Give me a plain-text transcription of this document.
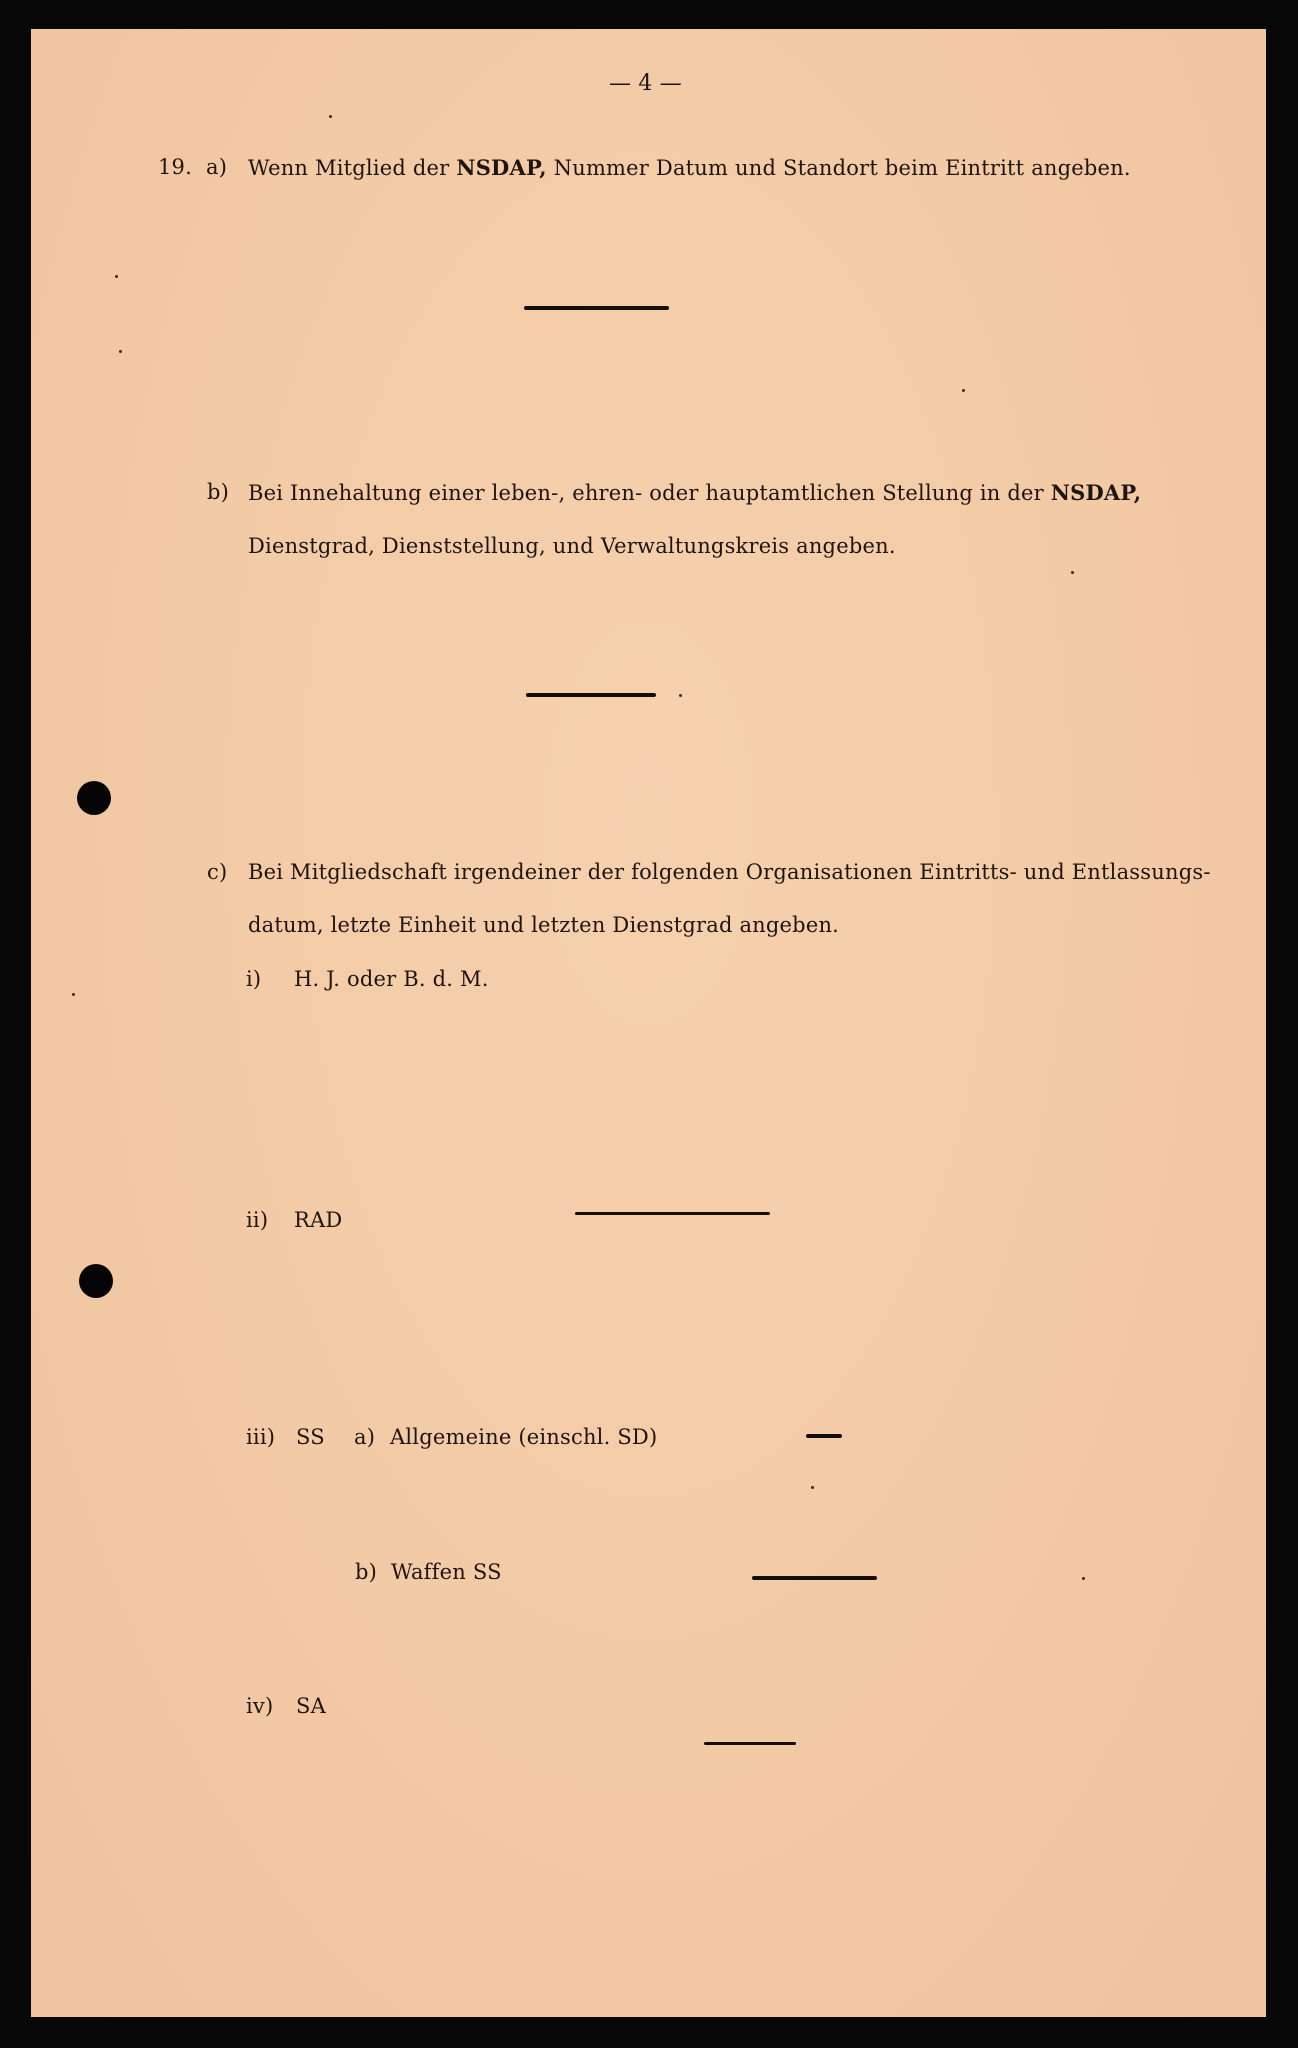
— 4 —
19. a) Wenn Mitglied der NSDAP, Nummer Datum und Standort beim Eintritt angeben.
b) Bei Innehaltung einer leben-, ehren- oder hauptamtlichen Stellung in der NSDAP,
Dienstgrad, Dienststellung, und Verwaltungskreis angeben.
c) Bei Mitgliedschaft irgendeiner der folgenden Organisationen Eintritts- und Entlassungs-
datum, letzte Einheit und letzten Dienstgrad angeben.
i) H. J. oder B. d. M.
ii) RAD
iii) SS a) Allgemeine (einschl. SD)
b) Waffen SS
iv) SA
